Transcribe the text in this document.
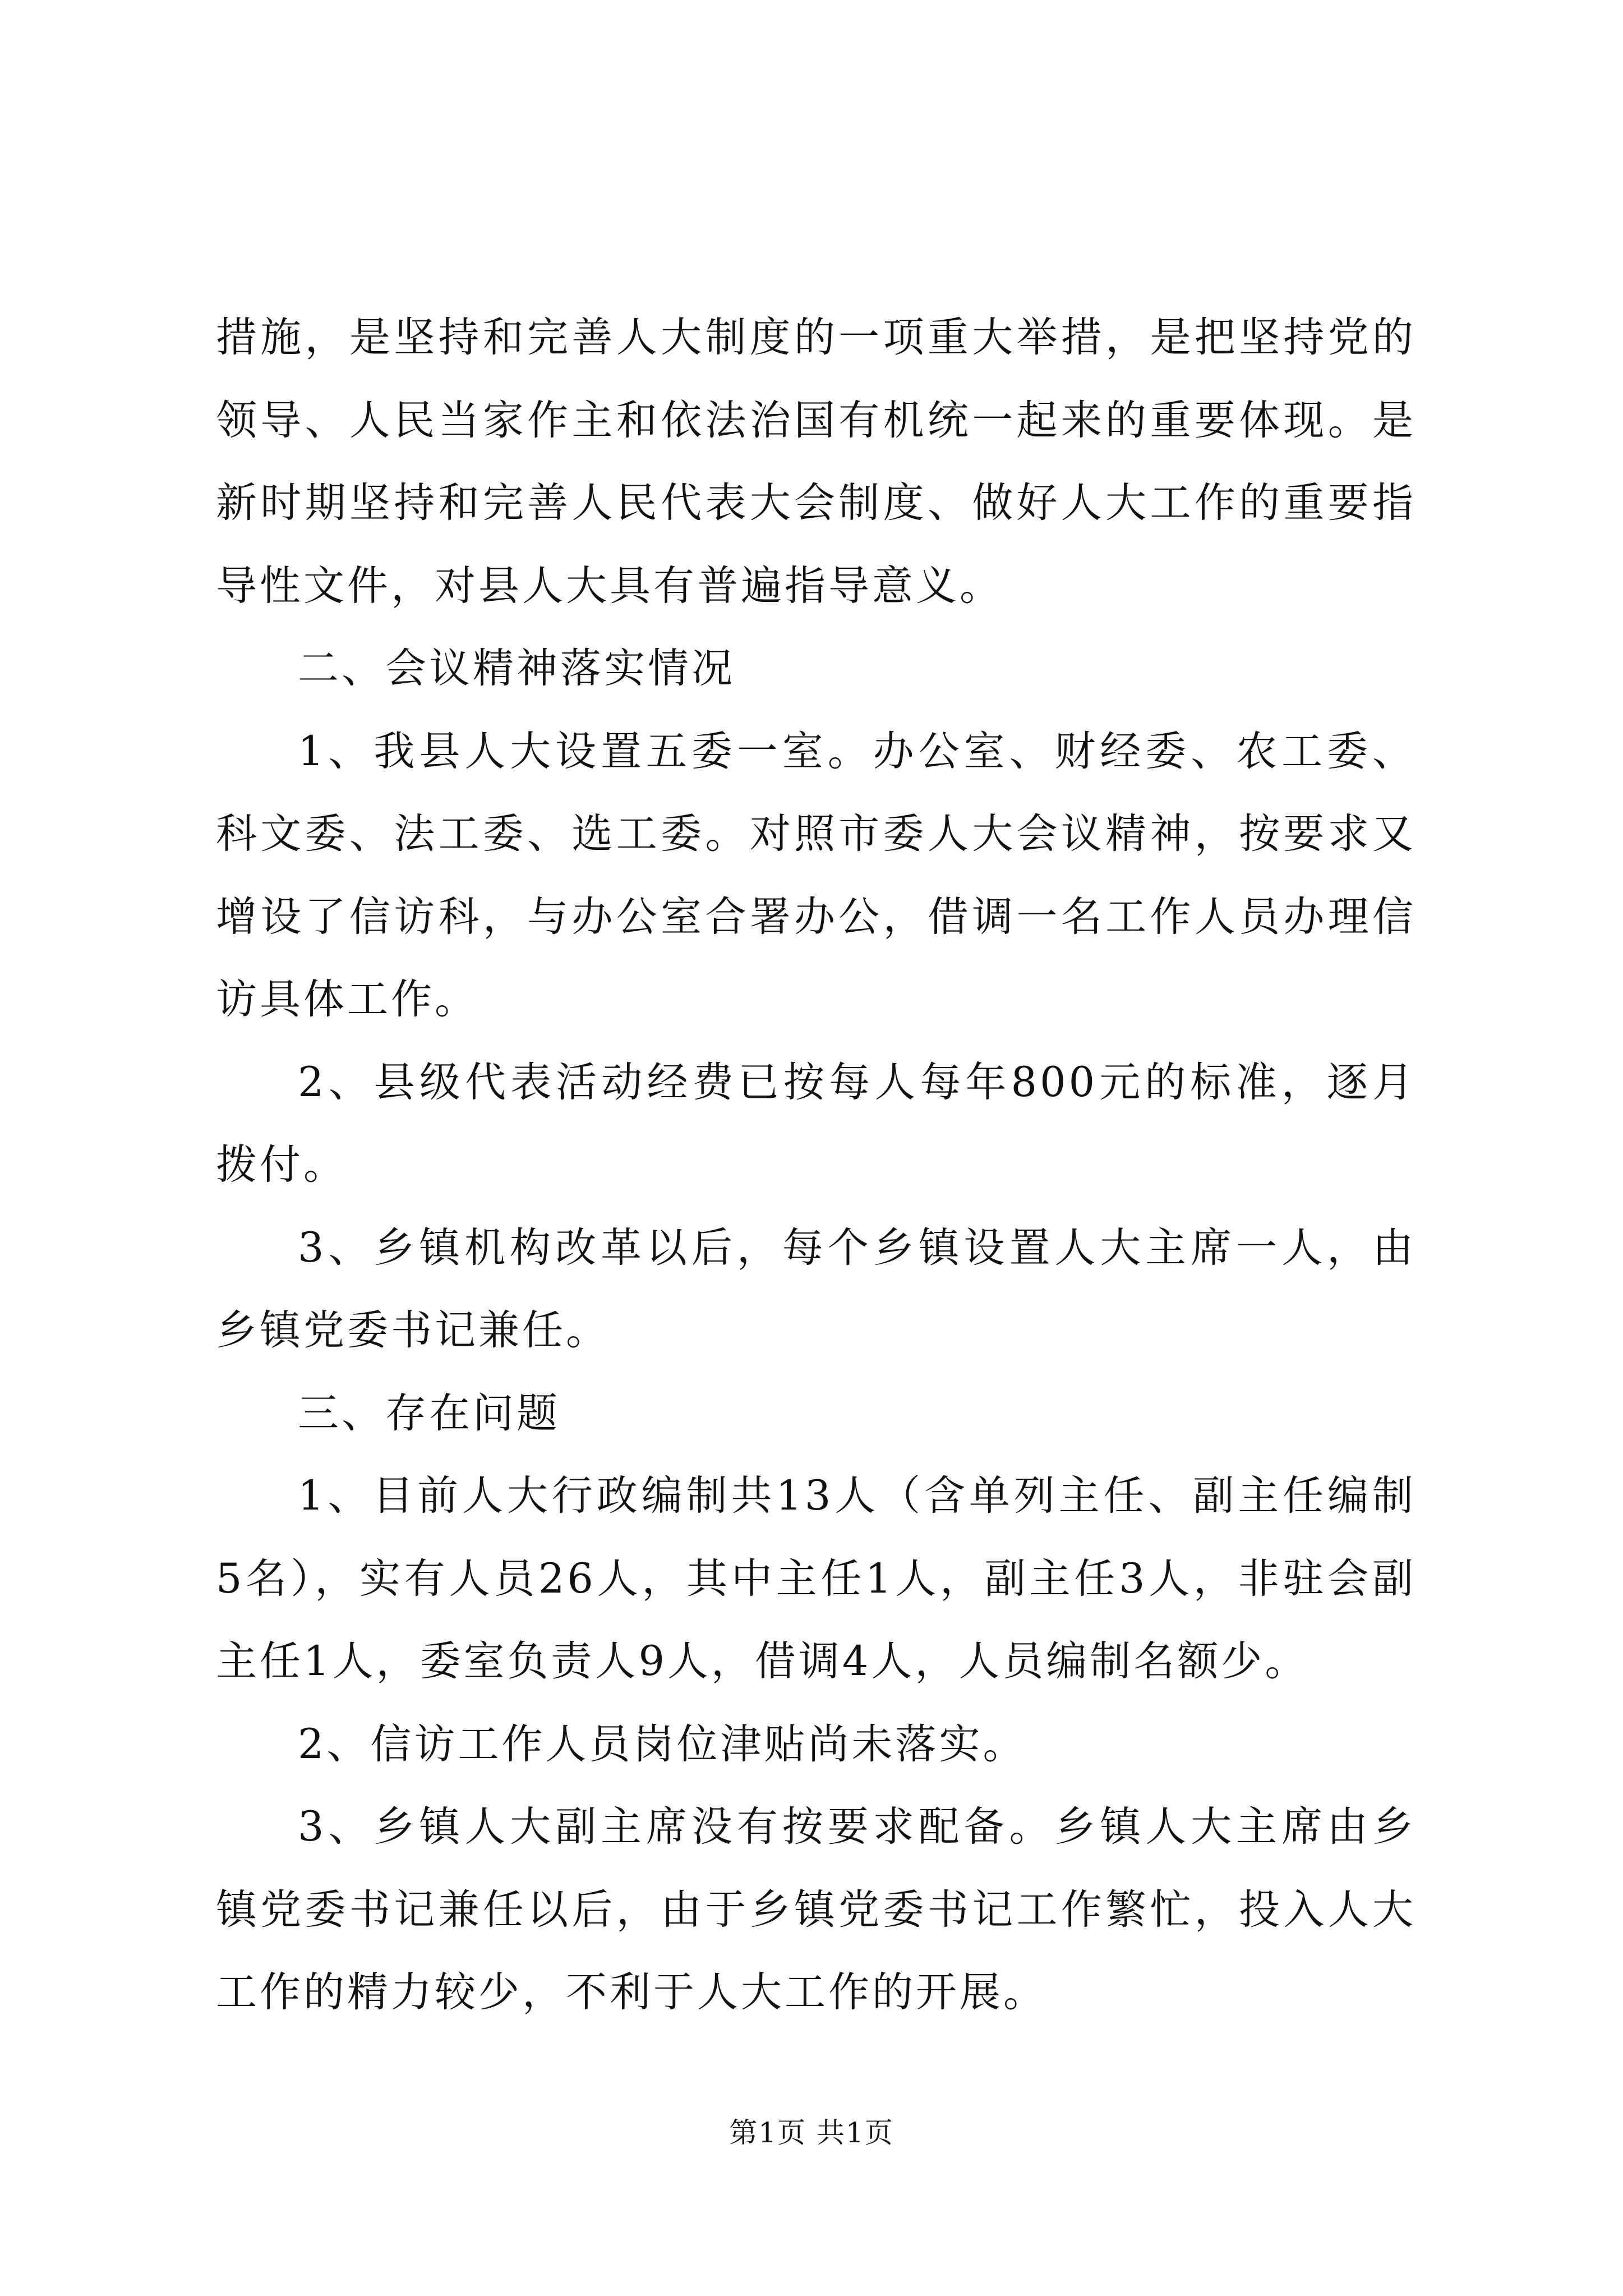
措施，是坚持和完善人大制度的一项重大举措，是把坚持党的领导、人民当家作主和依法治国有机统一起来的重要体现。是新时期坚持和完善人民代表大会制度、做好人大工作的重要指导性文件，对县人大具有普遍指导意义。

二、会议精神落实情况

1、我县人大设置五委一室。办公室、财经委、农工委、科文委、法工委、选工委。对照市委人大会议精神，按要求又增设了信访科，与办公室合署办公，借调一名工作人员办理信访具体工作。

2、县级代表活动经费已按每人每年800元的标准，逐月拨付。

3、乡镇机构改革以后，每个乡镇设置人大主席一人，由乡镇党委书记兼任。

三、存在问题

1、目前人大行政编制共13人（含单列主任、副主任编制5名），实有人员26人，其中主任1人，副主任3人，非驻会副主任1人，委室负责人9人，借调4人，人员编制名额少。

2、信访工作人员岗位津贴尚未落实。

3、乡镇人大副主席没有按要求配备。乡镇人大主席由乡镇党委书记兼任以后，由于乡镇党委书记工作繁忙，投入人大工作的精力较少，不利于人大工作的开展。

第1页 共1页
